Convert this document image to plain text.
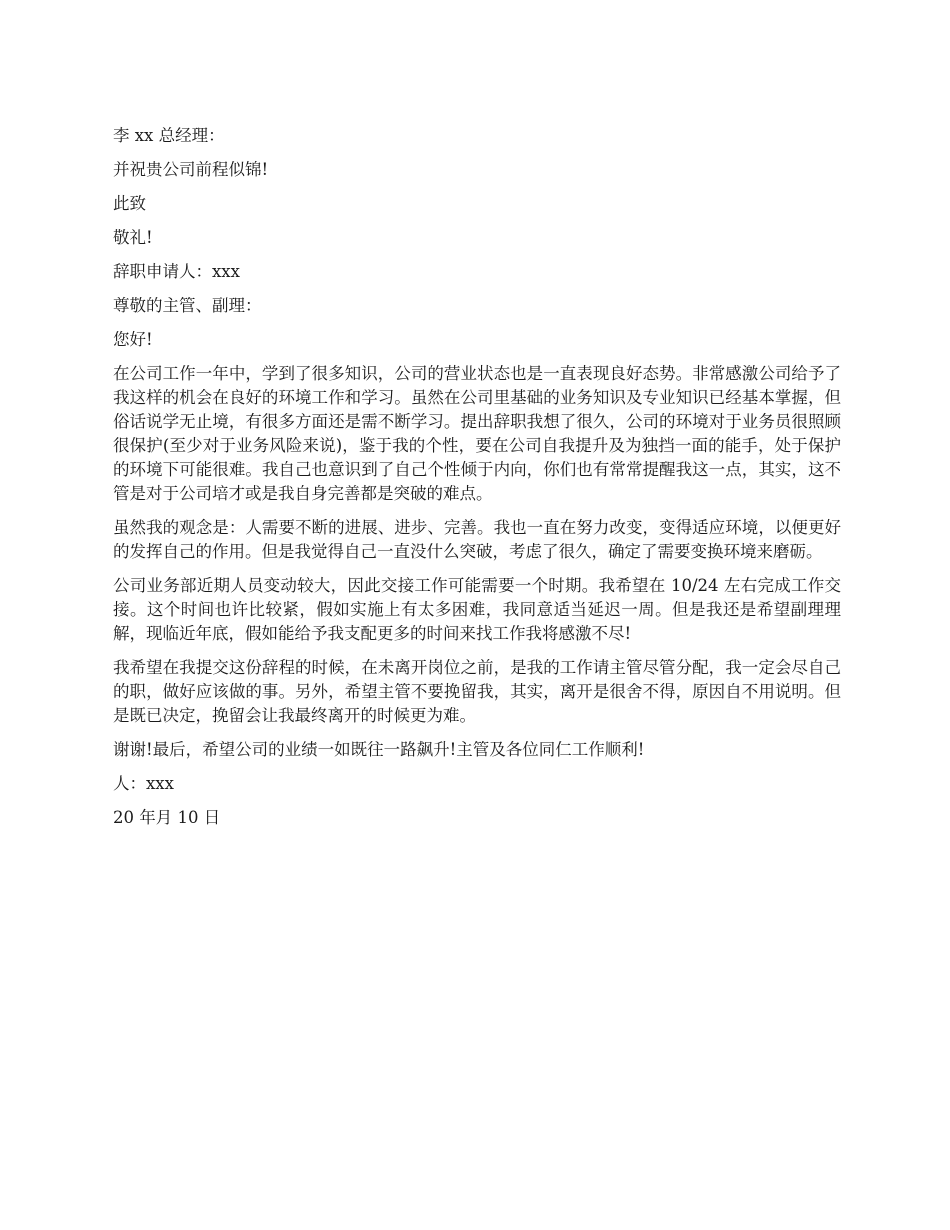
李 xx 总经理：

并祝贵公司前程似锦!

此致

敬礼!

辞职申请人：xxx

尊敬的主管、副理：

您好!

在公司工作一年中，学到了很多知识，公司的营业状态也是一直表现良好态势。非常感激公司给予了我这样的机会在良好的环境工作和学习。虽然在公司里基础的业务知识及专业知识已经基本掌握，但俗话说学无止境，有很多方面还是需不断学习。提出辞职我想了很久，公司的环境对于业务员很照顾很保护(至少对于业务风险来说)，鉴于我的个性，要在公司自我提升及为独挡一面的能手，处于保护的环境下可能很难。我自己也意识到了自己个性倾于内向，你们也有常常提醒我这一点，其实，这不管是对于公司培才或是我自身完善都是突破的难点。

虽然我的观念是：人需要不断的进展、进步、完善。我也一直在努力改变，变得适应环境，以便更好的发挥自己的作用。但是我觉得自己一直没什么突破，考虑了很久，确定了需要变换环境来磨砺。

公司业务部近期人员变动较大，因此交接工作可能需要一个时期。我希望在 10/24 左右完成工作交接。这个时间也许比较紧，假如实施上有太多困难，我同意适当延迟一周。但是我还是希望副理理解，现临近年底，假如能给予我支配更多的时间来找工作我将感激不尽!

我希望在我提交这份辞程的时候，在未离开岗位之前，是我的工作请主管尽管分配，我一定会尽自己的职，做好应该做的事。另外，希望主管不要挽留我，其实，离开是很舍不得，原因自不用说明。但是既已决定，挽留会让我最终离开的时候更为难。

谢谢!最后，希望公司的业绩一如既往一路飙升!主管及各位同仁工作顺利!

人：xxx

20 年月 10 日
